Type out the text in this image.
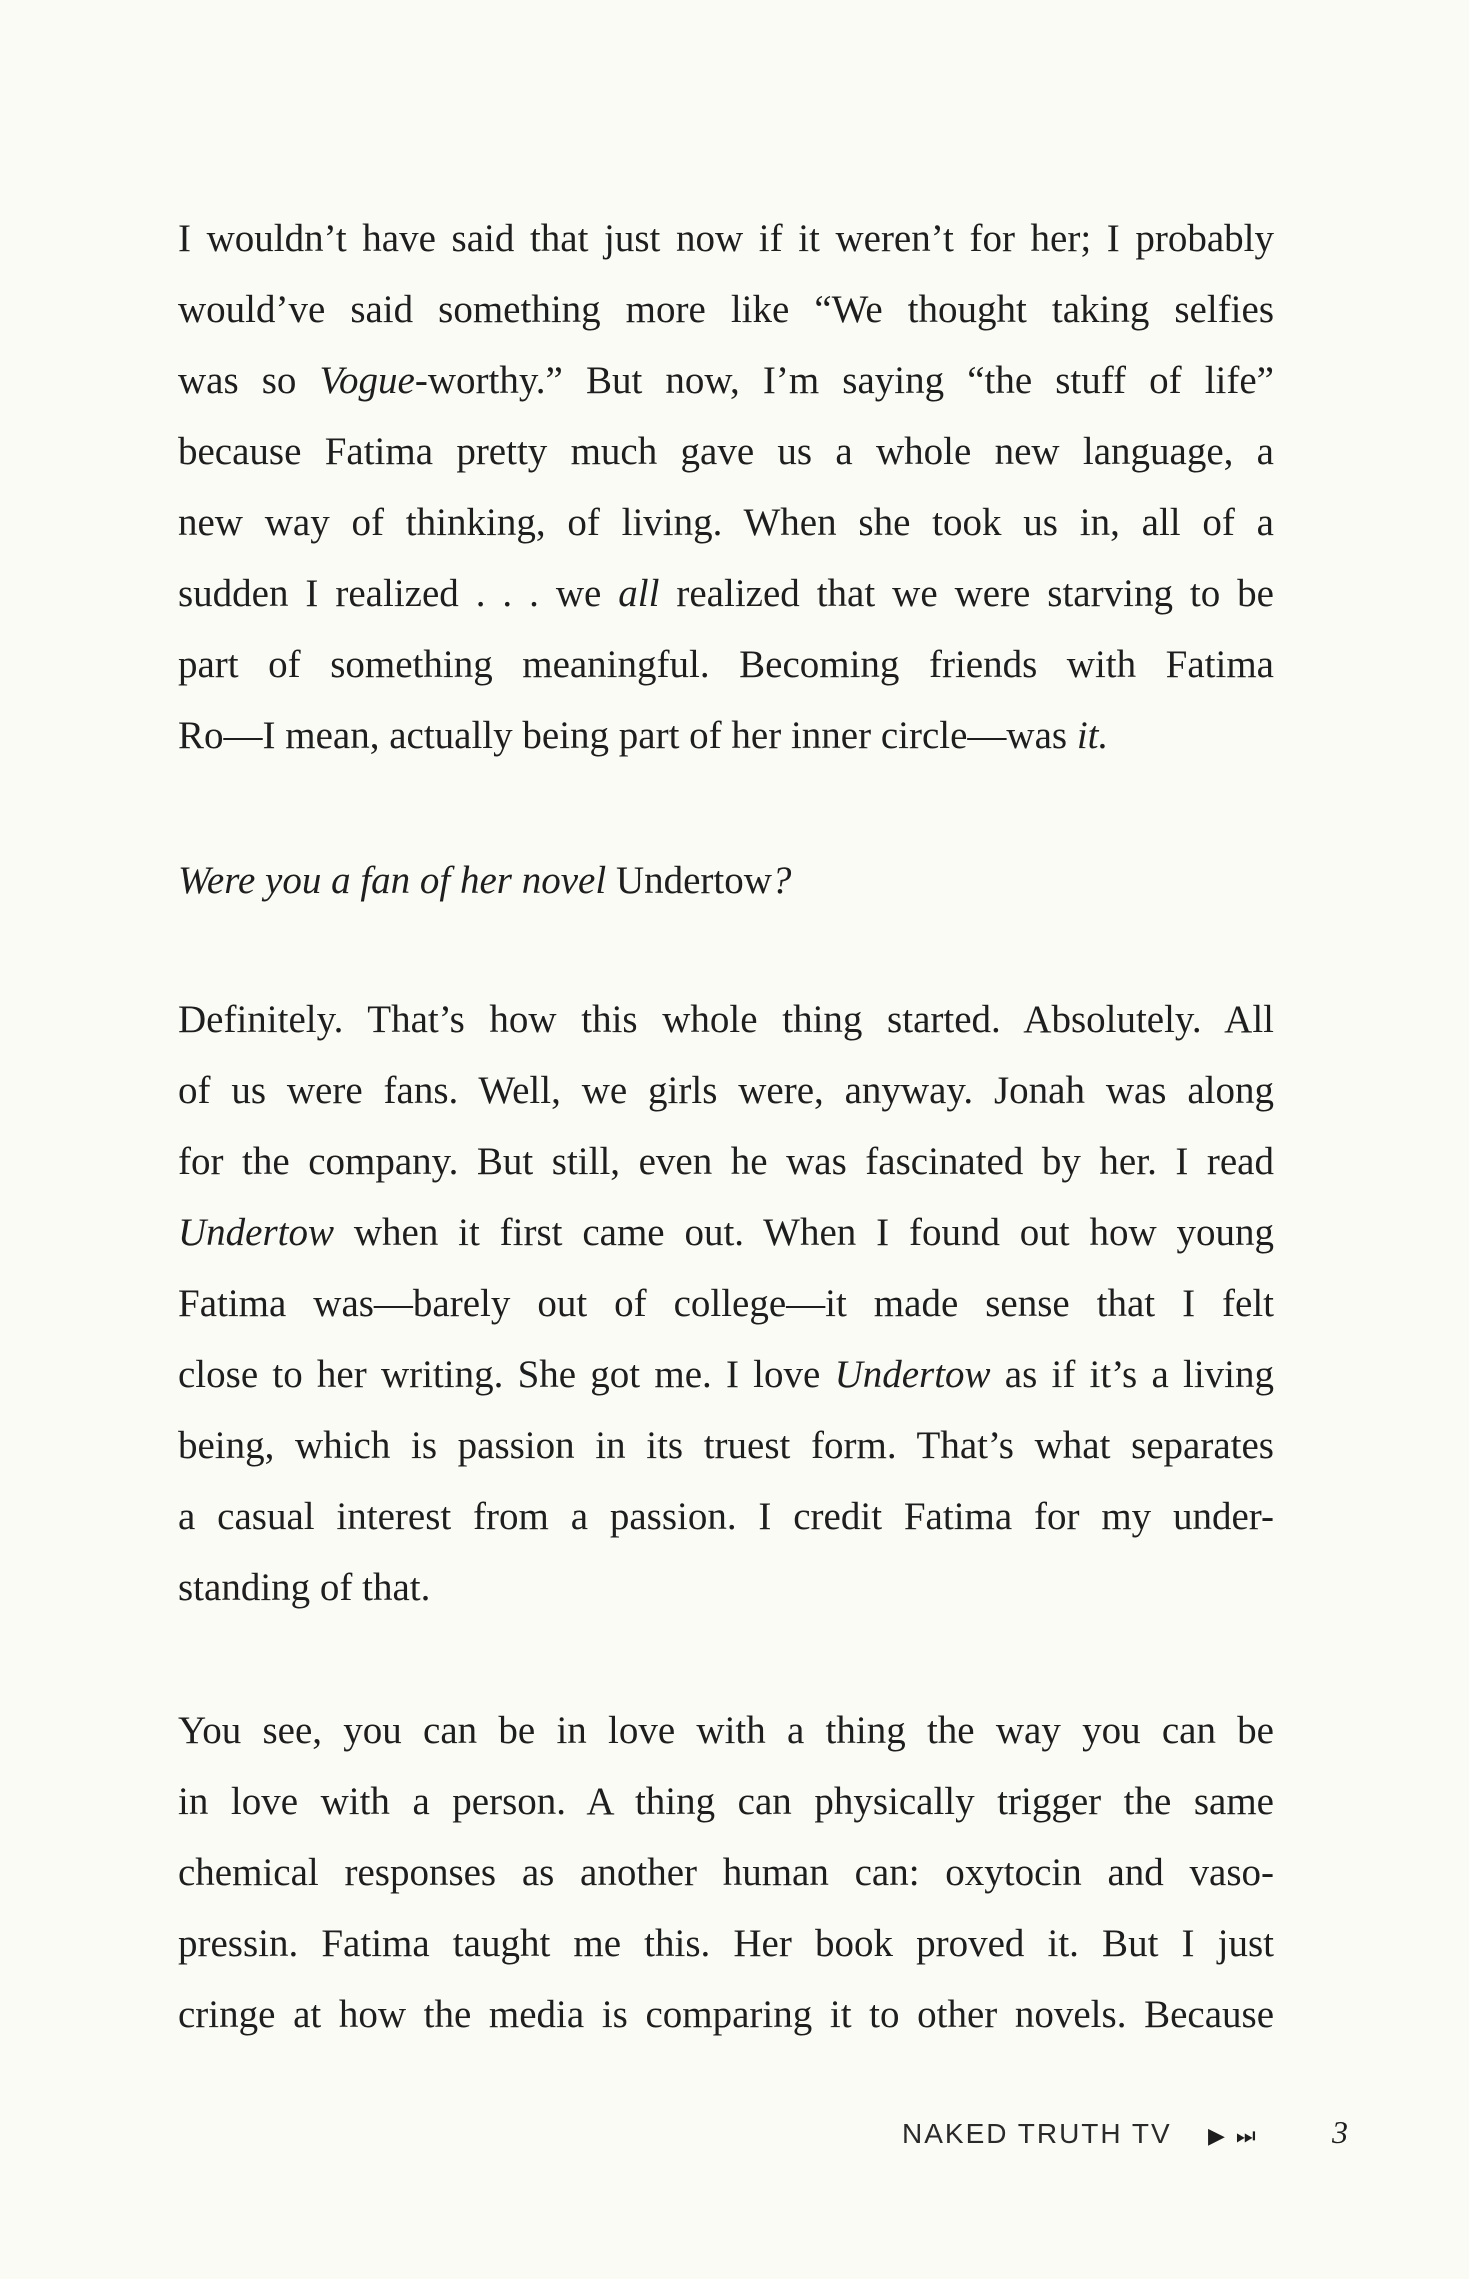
I wouldn’t have said that just now if it weren’t for her; I probably
would’ve said something more like “We thought taking selfies
was so Vogue-worthy.” But now, I’m saying “the stuff of life”
because Fatima pretty much gave us a whole new language, a
new way of thinking, of living. When she took us in, all of a
sudden I realized . . . we all realized that we were starving to be
part of something meaningful. Becoming friends with Fatima
Ro—I mean, actually being part of her inner circle—was it.
Were you a fan of her novel Undertow?
Definitely. That’s how this whole thing started. Absolutely. All
of us were fans. Well, we girls were, anyway. Jonah was along
for the company. But still, even he was fascinated by her. I read
Undertow when it first came out. When I found out how young
Fatima was—barely out of college—it made sense that I felt
close to her writing. She got me. I love Undertow as if it’s a living
being, which is passion in its truest form. That’s what separates
a casual interest from a passion. I credit Fatima for my under-
standing of that.
You see, you can be in love with a thing the way you can be
in love with a person. A thing can physically trigger the same
chemical responses as another human can: oxytocin and vaso-
pressin. Fatima taught me this. Her book proved it. But I just
cringe at how the media is comparing it to other novels. Because
NAKED TRUTH TV ▶ ⏭ 3
